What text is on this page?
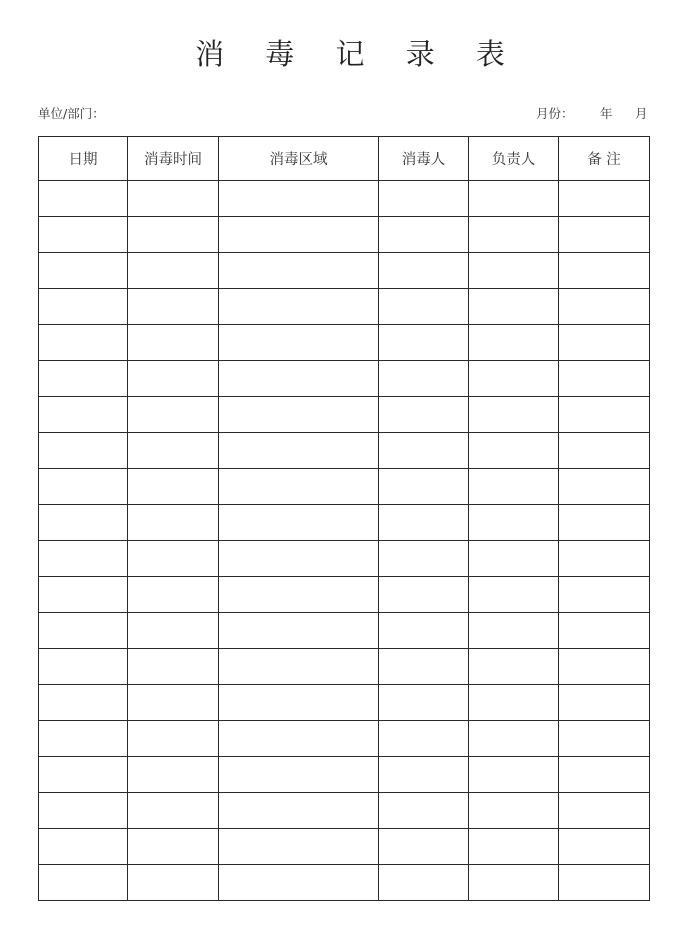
消 毒 记 录 表
单位/部门：	月份： 年 月
日期	消毒时间	消毒区域	消毒人	负责人	备 注
